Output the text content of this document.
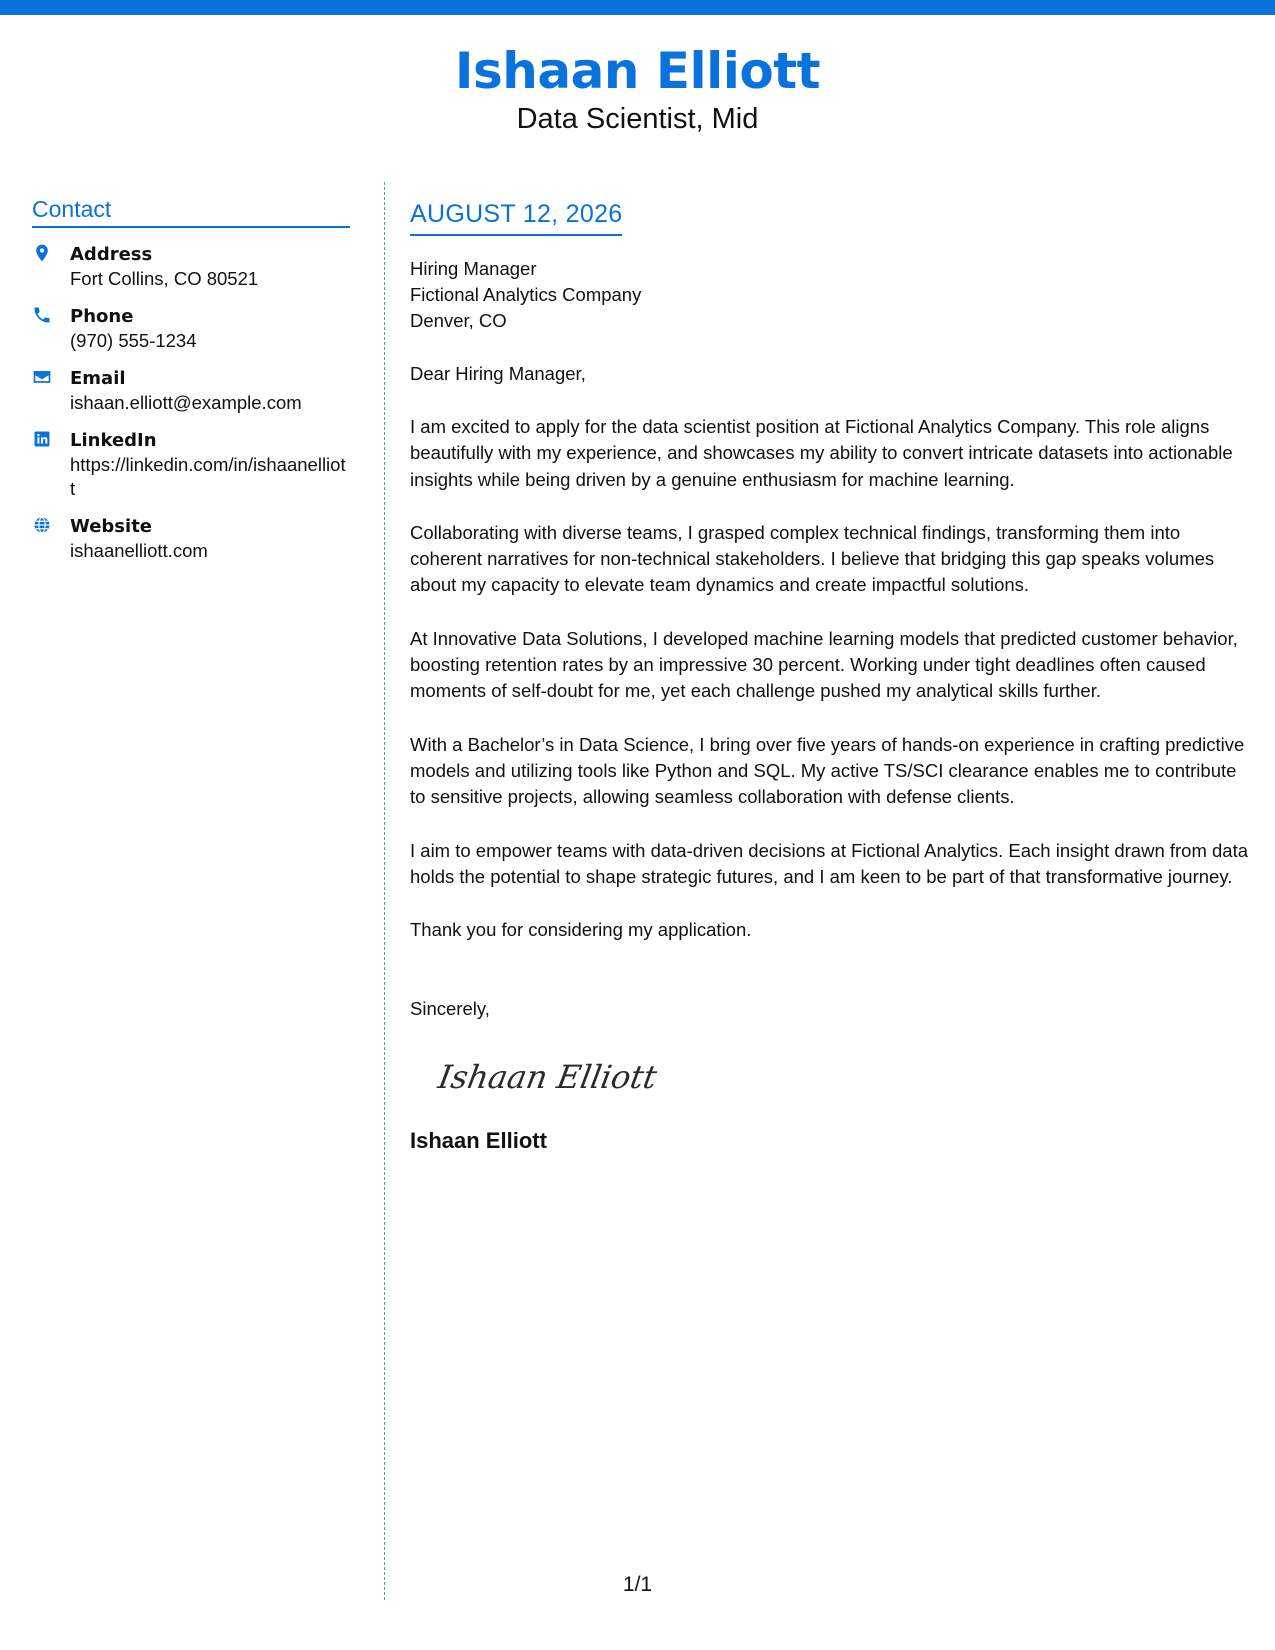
Ishaan Elliott
Data Scientist, Mid
Contact
Address
Fort Collins, CO 80521
Phone
(970) 555-1234
Email
ishaan.elliott@example.com
LinkedIn
https://linkedin.com/in/ishaanelliott
Website
ishaanelliott.com
AUGUST 12, 2026
Hiring Manager
Fictional Analytics Company
Denver, CO
Dear Hiring Manager,
I am excited to apply for the data scientist position at Fictional Analytics Company. This role aligns beautifully with my experience, and showcases my ability to convert intricate datasets into actionable insights while being driven by a genuine enthusiasm for machine learning.
Collaborating with diverse teams, I grasped complex technical findings, transforming them into coherent narratives for non-technical stakeholders. I believe that bridging this gap speaks volumes about my capacity to elevate team dynamics and create impactful solutions.
At Innovative Data Solutions, I developed machine learning models that predicted customer behavior, boosting retention rates by an impressive 30 percent. Working under tight deadlines often caused moments of self-doubt for me, yet each challenge pushed my analytical skills further.
With a Bachelor’s in Data Science, I bring over five years of hands-on experience in crafting predictive models and utilizing tools like Python and SQL. My active TS/SCI clearance enables me to contribute to sensitive projects, allowing seamless collaboration with defense clients.
I aim to empower teams with data-driven decisions at Fictional Analytics. Each insight drawn from data holds the potential to shape strategic futures, and I am keen to be part of that transformative journey.
Thank you for considering my application.
Sincerely,
Ishaan Elliott
Ishaan Elliott
1/1
